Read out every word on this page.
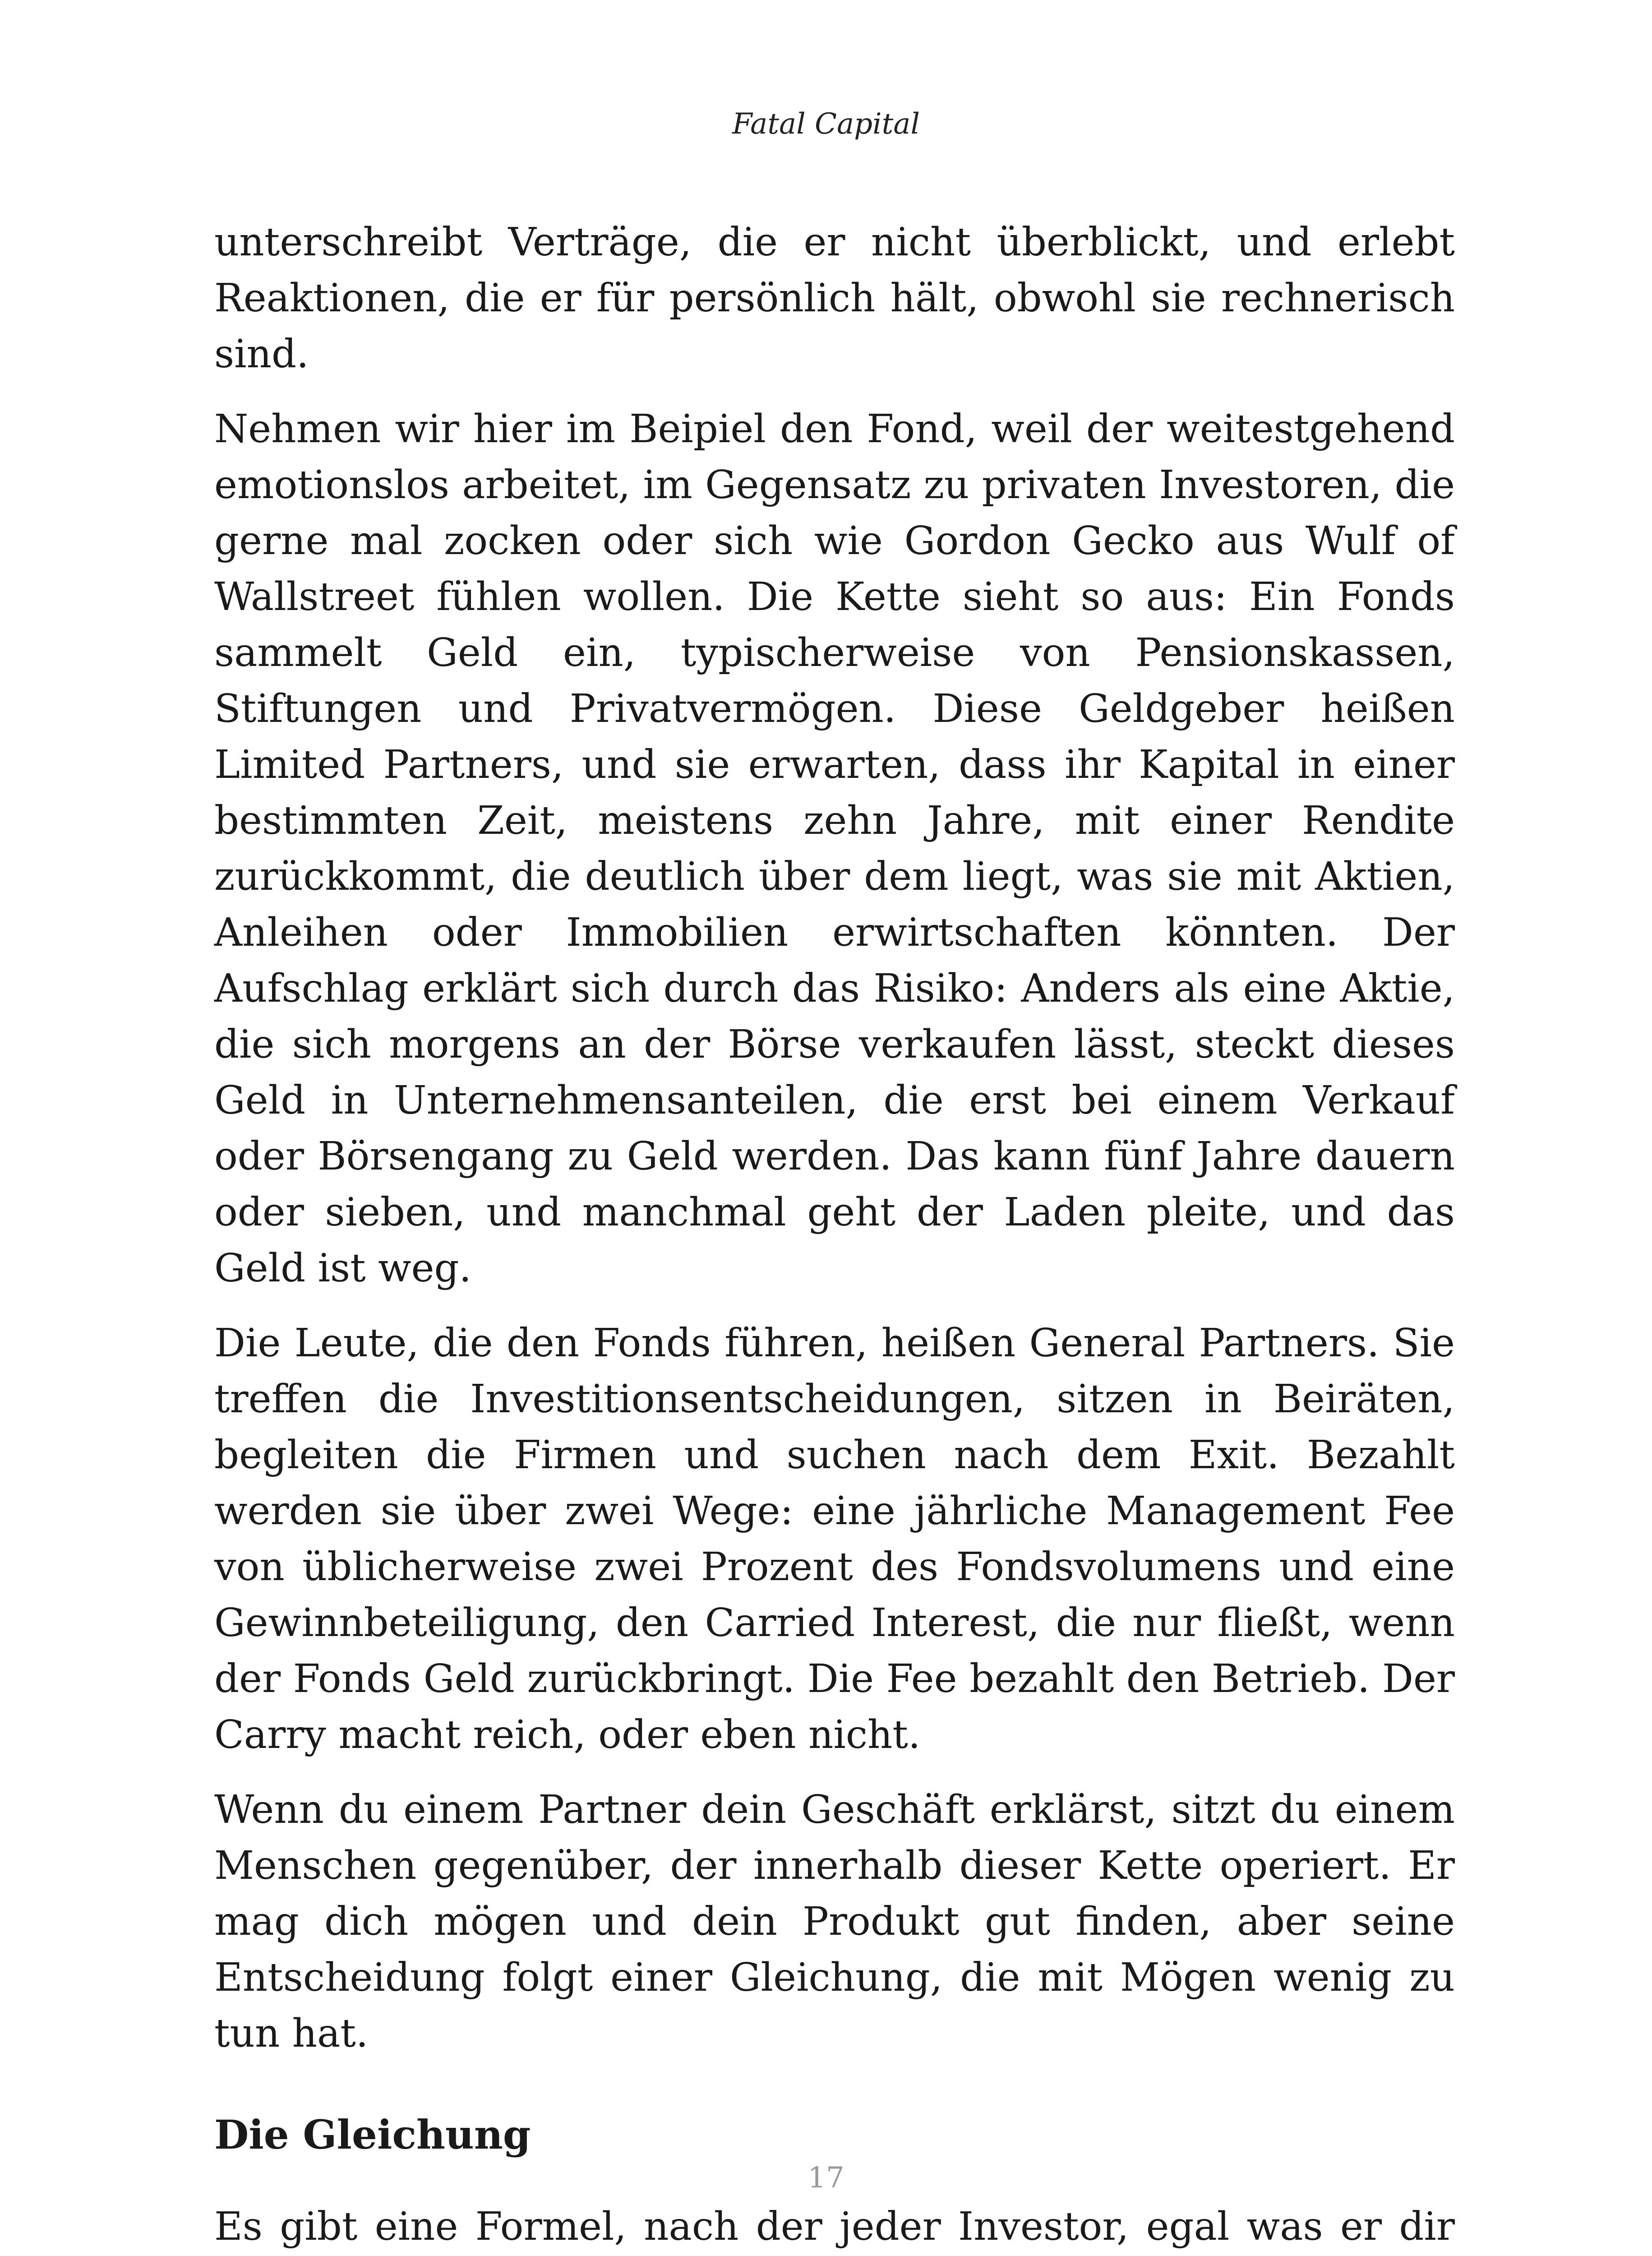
Fatal Capital

unterschreibt Verträge, die er nicht überblickt, und erlebt Reaktionen, die er für persönlich hält, obwohl sie rechnerisch sind.

Nehmen wir hier im Beipiel den Fond, weil der weitestgehend emotionslos arbeitet, im Gegensatz zu privaten Investoren, die gerne mal zocken oder sich wie Gordon Gecko aus Wulf of Wallstreet fühlen wollen. Die Kette sieht so aus: Ein Fonds sammelt Geld ein, typischerweise von Pensionskassen, Stiftungen und Privatvermögen. Diese Geldgeber heißen Limited Partners, und sie erwarten, dass ihr Kapital in einer bestimmten Zeit, meistens zehn Jahre, mit einer Rendite zurückkommt, die deutlich über dem liegt, was sie mit Aktien, Anleihen oder Immobilien erwirtschaften könnten. Der Aufschlag erklärt sich durch das Risiko: Anders als eine Aktie, die sich morgens an der Börse verkaufen lässt, steckt dieses Geld in Unternehmensanteilen, die erst bei einem Verkauf oder Börsengang zu Geld werden. Das kann fünf Jahre dauern oder sieben, und manchmal geht der Laden pleite, und das Geld ist weg.

Die Leute, die den Fonds führen, heißen General Partners. Sie treffen die Investitionsentscheidungen, sitzen in Beiräten, begleiten die Firmen und suchen nach dem Exit. Bezahlt werden sie über zwei Wege: eine jährliche Management Fee von üblicherweise zwei Prozent des Fondsvolumens und eine Gewinnbeteiligung, den Carried Interest, die nur fließt, wenn der Fonds Geld zurückbringt. Die Fee bezahlt den Betrieb. Der Carry macht reich, oder eben nicht.

Wenn du einem Partner dein Geschäft erklärst, sitzt du einem Menschen gegenüber, der innerhalb dieser Kette operiert. Er mag dich mögen und dein Produkt gut finden, aber seine Entscheidung folgt einer Gleichung, die mit Mögen wenig zu tun hat.

Die Gleichung

Es gibt eine Formel, nach der jeder Investor, egal was er dir

17
